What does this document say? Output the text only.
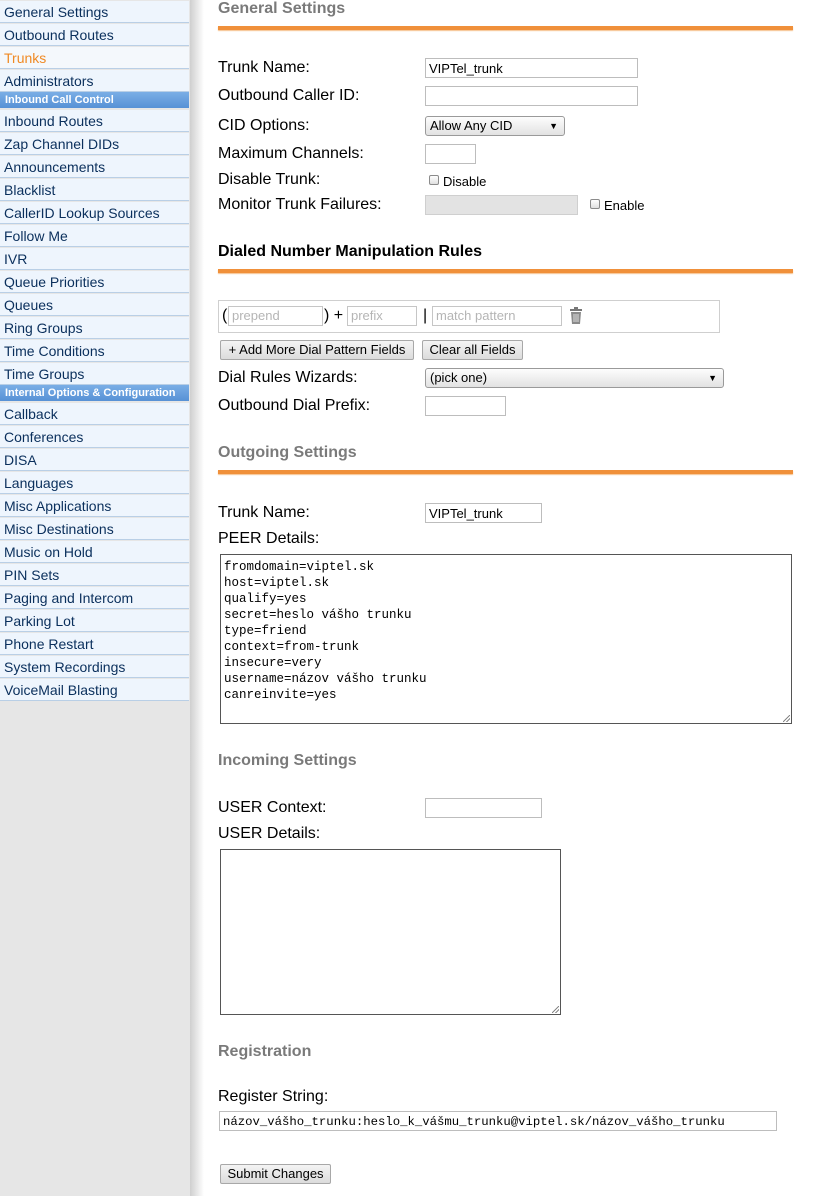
General Settings
Outbound Routes
Trunks
Administrators
Inbound Call Control
Inbound Routes
Zap Channel DIDs
Announcements
Blacklist
CallerID Lookup Sources
Follow Me
IVR
Queue Priorities
Queues
Ring Groups
Time Conditions
Time Groups
Internal Options & Configuration
Callback
Conferences
DISA
Languages
Misc Applications
Misc Destinations
Music on Hold
PIN Sets
Paging and Intercom
Parking Lot
Phone Restart
System Recordings
VoiceMail Blasting
General Settings
Trunk Name:
VIPTel_trunk
Outbound Caller ID:
CID Options:	Allow Any CID	▼
Maximum Channels:
Disable Trunk:	Disable
Monitor Trunk Failures:	Enable
Dialed Number Manipulation Rules
( prepend	) + prefix	| match pattern
+ Add More Dial Pattern Fields	Clear all Fields
Dial Rules Wizards:	(pick one)	▼
Outbound Dial Prefix:
Outgoing Settings
Trunk Name:
VIPTel_trunk
PEER Details:
fromdomain=viptel.sk
host=viptel.sk
qualify=yes
secret=heslo vášho trunku
type=friend
context=from-trunk
insecure=very
username=názov vášho trunku
canreinvite=yes
Incoming Settings
USER Context:
USER Details:
Registration
Register String:
názov_vášho_trunku:heslo_k_vášmu_trunku@viptel.sk/názov_vášho_trunku
Submit Changes
